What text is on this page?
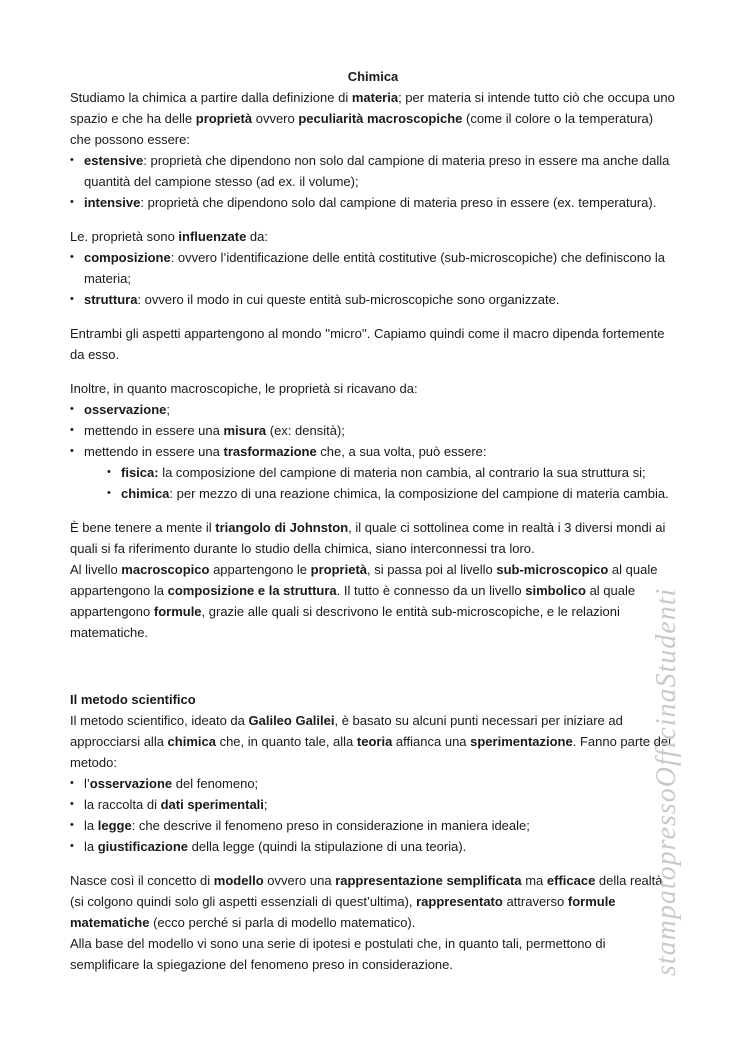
Chimica
Studiamo la chimica a partire dalla definizione di materia; per materia si intende tutto ciò che occupa uno spazio e che ha delle proprietà ovvero peculiarità macroscopiche (come il colore o la temperatura) che possono essere:
• estensive: proprietà che dipendono non solo dal campione di materia preso in essere ma anche dalla quantità del campione stesso (ad ex. il volume);
• intensive: proprietà che dipendono solo dal campione di materia preso in essere (ex. temperatura).
Le. proprietà sono influenzate da:
• composizione: ovvero l’identificazione delle entità costitutive (sub-microscopiche) che definiscono la materia;
• struttura: ovvero il modo in cui queste entità sub-microscopiche sono organizzate.
Entrambi gli aspetti appartengono al mondo ''micro''. Capiamo quindi come il macro dipenda fortemente da esso.
Inoltre, in quanto macroscopiche, le proprietà si ricavano da:
• osservazione;
• mettendo in essere una misura (ex: densità);
• mettendo in essere una trasformazione che, a sua volta, può essere:
• fisica: la composizione del campione di materia non cambia, al contrario la sua struttura si;
• chimica: per mezzo di una reazione chimica, la composizione del campione di materia cambia.
È bene tenere a mente il triangolo di Johnston, il quale ci sottolinea come in realtà i 3 diversi mondi ai quali si fa riferimento durante lo studio della chimica, siano interconnessi tra loro.
Al livello macroscopico appartengono le proprietà, si passa poi al livello sub-microscopico al quale appartengono la composizione e la struttura. Il tutto è connesso da un livello simbolico al quale appartengono formule, grazie alle quali si descrivono le entità sub-microscopiche, e le relazioni matematiche.
Il metodo scientifico
Il metodo scientifico, ideato da Galileo Galilei, è basato su alcuni punti necessari per iniziare ad approcciarsi alla chimica che, in quanto tale, alla teoria affianca una sperimentazione. Fanno parte del metodo:
• l’osservazione del fenomeno;
• la raccolta di dati sperimentali;
• la legge: che descrive il fenomeno preso in considerazione in maniera ideale;
• la giustificazione della legge (quindi la stipulazione di una teoria).
Nasce così il concetto di modello ovvero una rappresentazione semplificata ma efficace della realtà (si colgono quindi solo gli aspetti essenziali di quest’ultima), rappresentato attraverso formule matematiche (ecco perché si parla di modello matematico).
Alla base del modello vi sono una serie di ipotesi e postulati che, in quanto tali, permettono di semplificare la spiegazione del fenomeno preso in considerazione.	stampatopressoOfficinaStudenti
